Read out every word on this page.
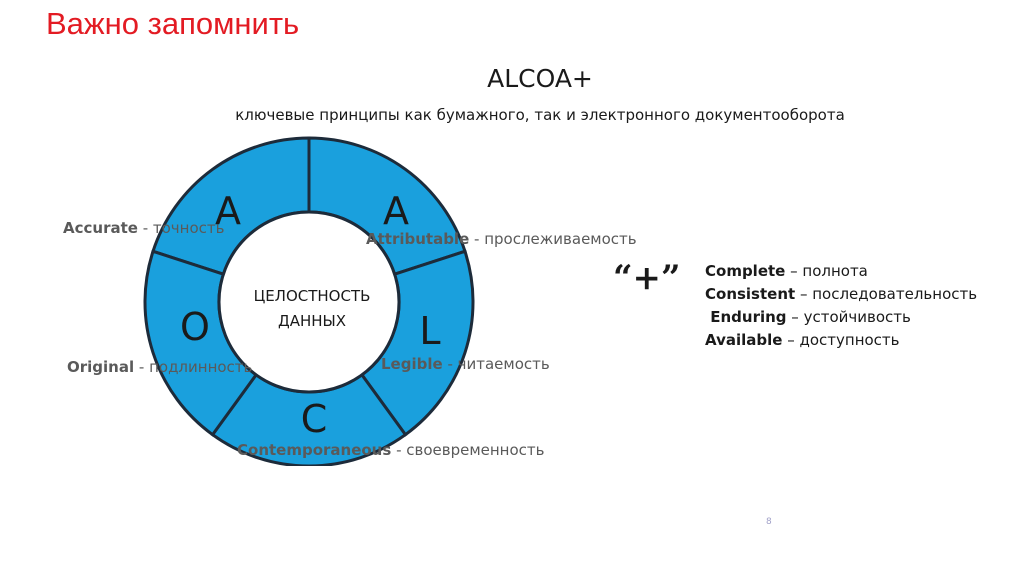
Важно запомнить
ALCOA+
ключевые принципы как бумажного, так и электронного документооборота
A	A
L
C
O
ЦЕЛОСТНОСТЬ
ДАННЫХ
Accurate - точность
Attributable - прослеживаемость
Legible - читаемость
Contemporaneous - своевременность
Original - подлинность
“+” Complete – полнота
Consistent – последовательность
Enduring – устойчивость
Available – доступность
8
